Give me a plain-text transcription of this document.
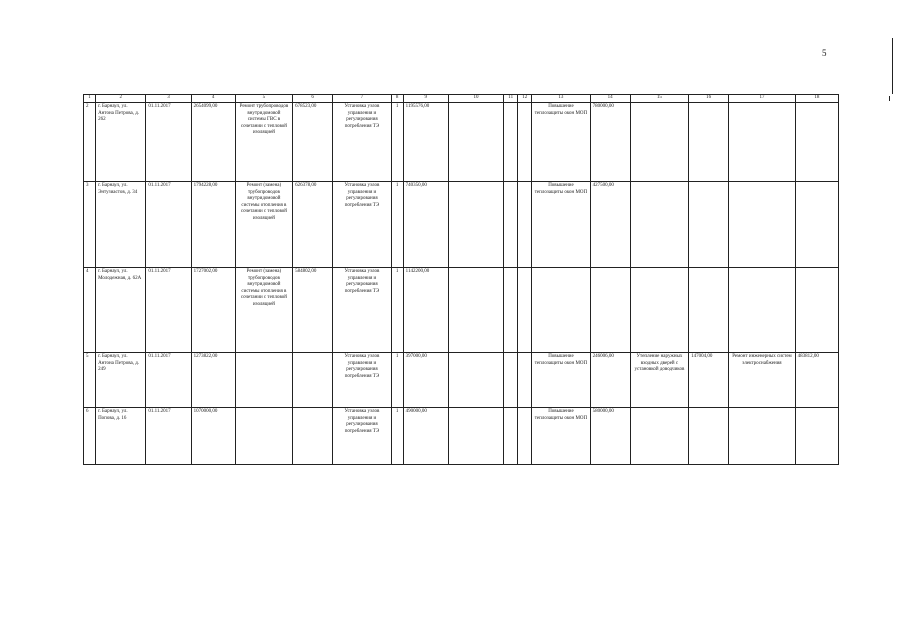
5
1	2	3	4	5	6	7	8	9	10	11	12	13	14	15	16	17	18
2	г. Барнаул, ул. Антона Петрова, д. 262	01.11.2017	2654099,00	Ремонт трубопроводов внутридомовой системы ГВС в сочетании с тепловой изоляцией	678523,00	Установка узлов управления и регулирования потребления ТЭ	1	1195576,00				Повышение теплозащиты окон МОП	780000,00				
3	г. Барнаул, ул. Энтузиастов, д. 34	01.11.2017	1794228,00	Ремонт (замена) трубопроводов внутридомовой системы отопления в сочетании с тепловой изоляцией	626378,00	Установка узлов управления и регулирования потребления ТЭ	1	740350,00				Повышение теплозащиты окон МОП	427500,00				
4	г. Барнаул, ул. Молодежная, д. 62А	01.11.2017	1727002,00	Ремонт (замена) трубопроводов внутридомовой системы отопления в сочетании с тепловой изоляцией	584802,00	Установка узлов управления и регулирования потребления ТЭ	1	1142200,00									
5	г. Барнаул, ул. Антона Петрова, д. 249	01.11.2017	1273822,00			Установка узлов управления и регулирования потребления ТЭ	1	397000,00				Повышение теплозащиты окон МОП	246006,00	Утепление наружных входных дверей с установкой доводчиков	147004,00	Ремонт инженерных систем электроснабжения	483812,00
6	г. Барнаул, ул. Попова, д. 16	01.11.2017	1070000,00			Установка узлов управления и регулирования потребления ТЭ	1	490000,00				Повышение теплозащиты окон МОП	580000,00				
